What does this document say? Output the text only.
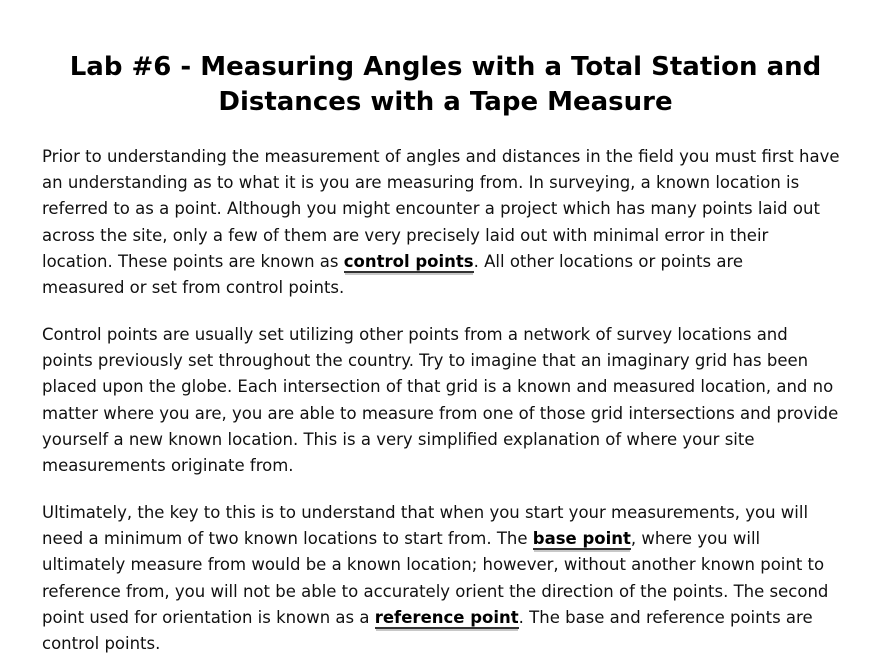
Lab #6 - Measuring Angles with a Total Station and
Distances with a Tape Measure

Prior to understanding the measurement of angles and distances in the field you must first have
an understanding as to what it is you are measuring from. In surveying, a known location is
referred to as a point. Although you might encounter a project which has many points laid out
across the site, only a few of them are very precisely laid out with minimal error in their
location. These points are known as control points. All other locations or points are
measured or set from control points.

Control points are usually set utilizing other points from a network of survey locations and
points previously set throughout the country. Try to imagine that an imaginary grid has been
placed upon the globe. Each intersection of that grid is a known and measured location, and no
matter where you are, you are able to measure from one of those grid intersections and provide
yourself a new known location. This is a very simplified explanation of where your site
measurements originate from.

Ultimately, the key to this is to understand that when you start your measurements, you will
need a minimum of two known locations to start from. The base point, where you will
ultimately measure from would be a known location; however, without another known point to
reference from, you will not be able to accurately orient the direction of the points. The second
point used for orientation is known as a reference point. The base and reference points are
control points.
